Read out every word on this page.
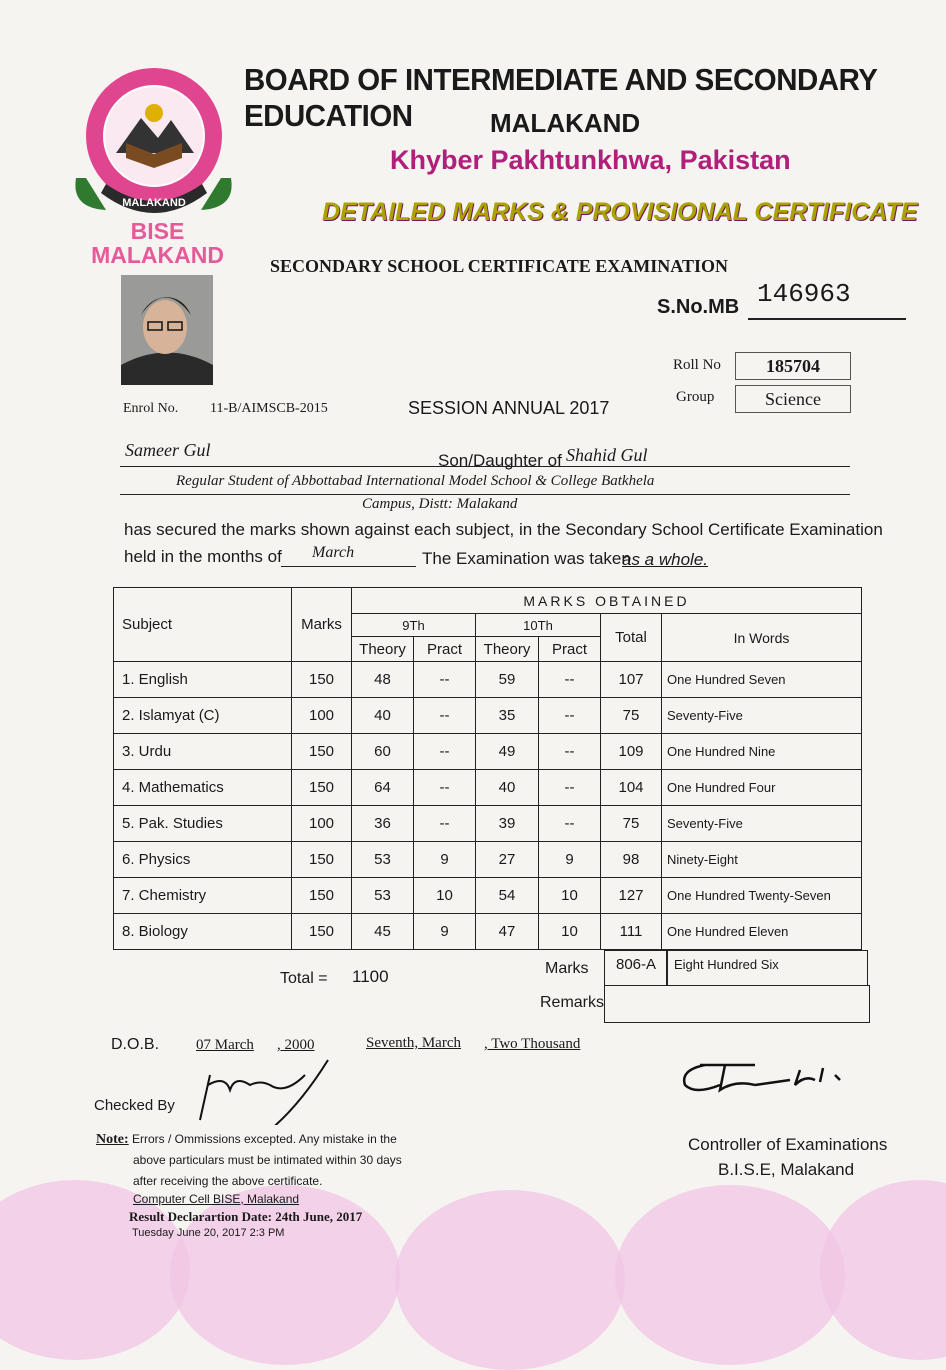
MALAKAND
BISE
MALAKAND
BOARD OF INTERMEDIATE AND SECONDARY EDUCATION	MALAKAND
Khyber Pakhtunkhwa, Pakistan
DETAILED MARKS & PROVISIONAL CERTIFICATE
SECONDARY SCHOOL CERTIFICATE EXAMINATION
S.No.MB 146963
Roll No	185704
Group	Science
Enrol No. 11-B/AIMSCB-2015	SESSION ANNUAL 2017
Sameer Gul
Son/Daughter of Shahid Gul
Regular Student of Abbottabad International Model School & College Batkhela
Campus, Distt: Malakand
has secured the marks shown against each subject, in the Secondary School Certificate Examination
held in the months of March	The Examination was taken
as a whole.
Subject	Marks	MARKS OBTAINED					
		9Th		10Th		Total	In Words
		Theory	Pract	Theory	Pract		
1. English	150	48	--	59	--	107	One Hundred Seven
2. Islamyat (C)	100	40	--	35	--	75	Seventy-Five
3. Urdu	150	60	--	49	--	109	One Hundred Nine
4. Mathematics	150	64	--	40	--	104	One Hundred Four
5. Pak. Studies	100	36	--	39	--	75	Seventy-Five
6. Physics	150	53	9	27	9	98	Ninety-Eight
7. Chemistry	150	53	10	54	10	127	One Hundred Twenty-Seven
8. Biology	150	45	9	47	10	111	One Hundred Eleven
Total = 1100	Marks 806-A Eight Hundred Six
Remarks
D.O.B. 07 March , 2000	Seventh, March , Two Thousand
Checked By
Note: Errors / Ommissions excepted. Any mistake in the
above particulars must be intimated within 30 days
after receiving the above certificate.
Computer Cell BISE, Malakand
Result Declarartion Date: 24th June, 2017
Tuesday June 20, 2017 2:3 PM
Controller of Examinations
B.I.S.E, Malakand
